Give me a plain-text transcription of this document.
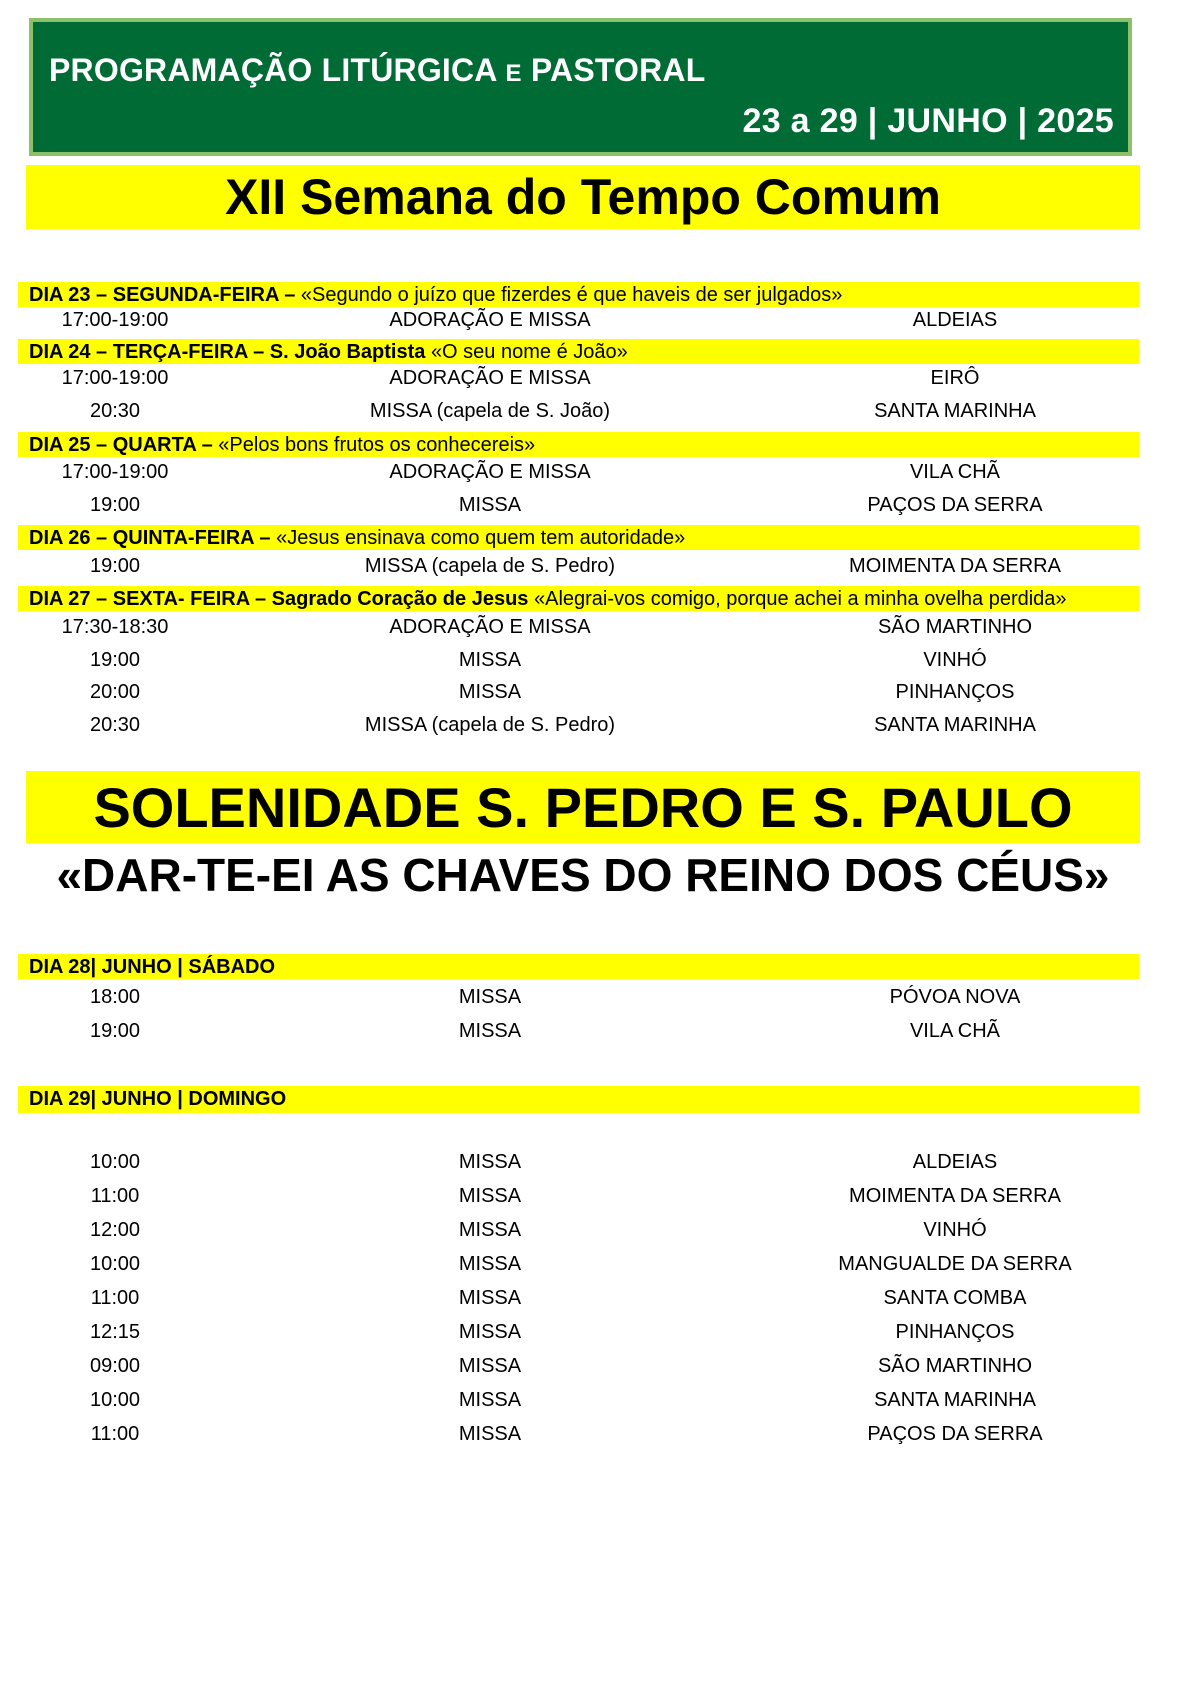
PROGRAMAÇÃO LITÚRGICA E PASTORAL
23 a 29 | JUNHO | 2025
XII Semana do Tempo Comum
DIA 23 – SEGUNDA-FEIRA – «Segundo o juízo que fizerdes é que haveis de ser julgados»
17:00-19:00	ADORAÇÃO E MISSA	ALDEIAS
DIA 24 – TERÇA-FEIRA – S. João Baptista «O seu nome é João»
17:00-19:00	ADORAÇÃO E MISSA	EIRÔ
20:30	MISSA (capela de S. João)	SANTA MARINHA
DIA 25 – QUARTA – «Pelos bons frutos os conhecereis»
17:00-19:00	ADORAÇÃO E MISSA	VILA CHÃ
19:00	MISSA	PAÇOS DA SERRA
DIA 26 – QUINTA-FEIRA – «Jesus ensinava como quem tem autoridade»
19:00	MISSA (capela de S. Pedro)	MOIMENTA DA SERRA
DIA 27 – SEXTA- FEIRA – Sagrado Coração de Jesus «Alegrai-vos comigo, porque achei a minha ovelha perdida»
17:30-18:30	ADORAÇÃO E MISSA	SÃO MARTINHO
19:00	MISSA	VINHÓ
20:00	MISSA	PINHANÇOS
20:30	MISSA (capela de S. Pedro)	SANTA MARINHA
SOLENIDADE S. PEDRO E S. PAULO
«DAR-TE-EI AS CHAVES DO REINO DOS CÉUS»
DIA 28| JUNHO | SÁBADO
18:00	MISSA	PÓVOA NOVA
19:00	MISSA	VILA CHÃ
DIA 29| JUNHO | DOMINGO
10:00	MISSA	ALDEIAS
11:00	MISSA	MOIMENTA DA SERRA
12:00	MISSA	VINHÓ
10:00	MISSA	MANGUALDE DA SERRA
11:00	MISSA	SANTA COMBA
12:15	MISSA	PINHANÇOS
09:00	MISSA	SÃO MARTINHO
10:00	MISSA	SANTA MARINHA
11:00	MISSA	PAÇOS DA SERRA
